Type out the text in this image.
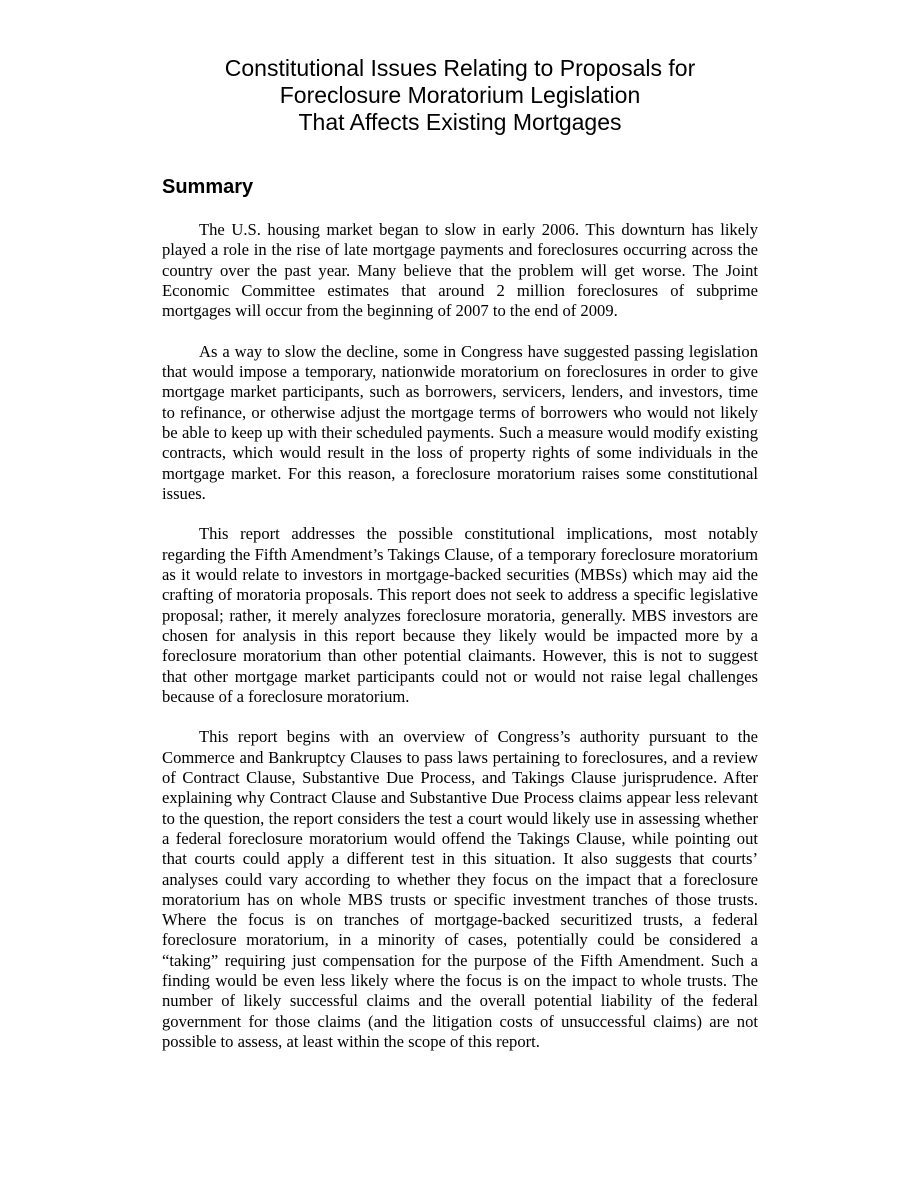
Constitutional Issues Relating to Proposals for
Foreclosure Moratorium Legislation
That Affects Existing Mortgages
Summary

The U.S. housing market began to slow in early 2006. This downturn has likely played a role in the rise of late mortgage payments and foreclosures occurring across the country over the past year. Many believe that the problem will get worse. The Joint Economic Committee estimates that around 2 million foreclosures of subprime mortgages will occur from the beginning of 2007 to the end of 2009.

As a way to slow the decline, some in Congress have suggested passing legislation that would impose a temporary, nationwide moratorium on foreclosures in order to give mortgage market participants, such as borrowers, servicers, lenders, and investors, time to refinance, or otherwise adjust the mortgage terms of borrowers who would not likely be able to keep up with their scheduled payments. Such a measure would modify existing contracts, which would result in the loss of property rights of some individuals in the mortgage market. For this reason, a foreclosure moratorium raises some constitutional issues.

This report addresses the possible constitutional implications, most notably regarding the Fifth Amendment’s Takings Clause, of a temporary foreclosure moratorium as it would relate to investors in mortgage-backed securities (MBSs) which may aid the crafting of moratoria proposals. This report does not seek to address a specific legislative proposal; rather, it merely analyzes foreclosure moratoria, generally. MBS investors are chosen for analysis in this report because they likely would be impacted more by a foreclosure moratorium than other potential claimants. However, this is not to suggest that other mortgage market participants could not or would not raise legal challenges because of a foreclosure moratorium.

This report begins with an overview of Congress’s authority pursuant to the Commerce and Bankruptcy Clauses to pass laws pertaining to foreclosures, and a review of Contract Clause, Substantive Due Process, and Takings Clause jurisprudence. After explaining why Contract Clause and Substantive Due Process claims appear less relevant to the question, the report considers the test a court would likely use in assessing whether a federal foreclosure moratorium would offend the Takings Clause, while pointing out that courts could apply a different test in this situation. It also suggests that courts’ analyses could vary according to whether they focus on the impact that a foreclosure moratorium has on whole MBS trusts or specific investment tranches of those trusts. Where the focus is on tranches of mortgage-backed securitized trusts, a federal foreclosure moratorium, in a minority of cases, potentially could be considered a “taking” requiring just compensation for the purpose of the Fifth Amendment. Such a finding would be even less likely where the focus is on the impact to whole trusts. The number of likely successful claims and the overall potential liability of the federal government for those claims (and the litigation costs of unsuccessful claims) are not possible to assess, at least within the scope of this report.
